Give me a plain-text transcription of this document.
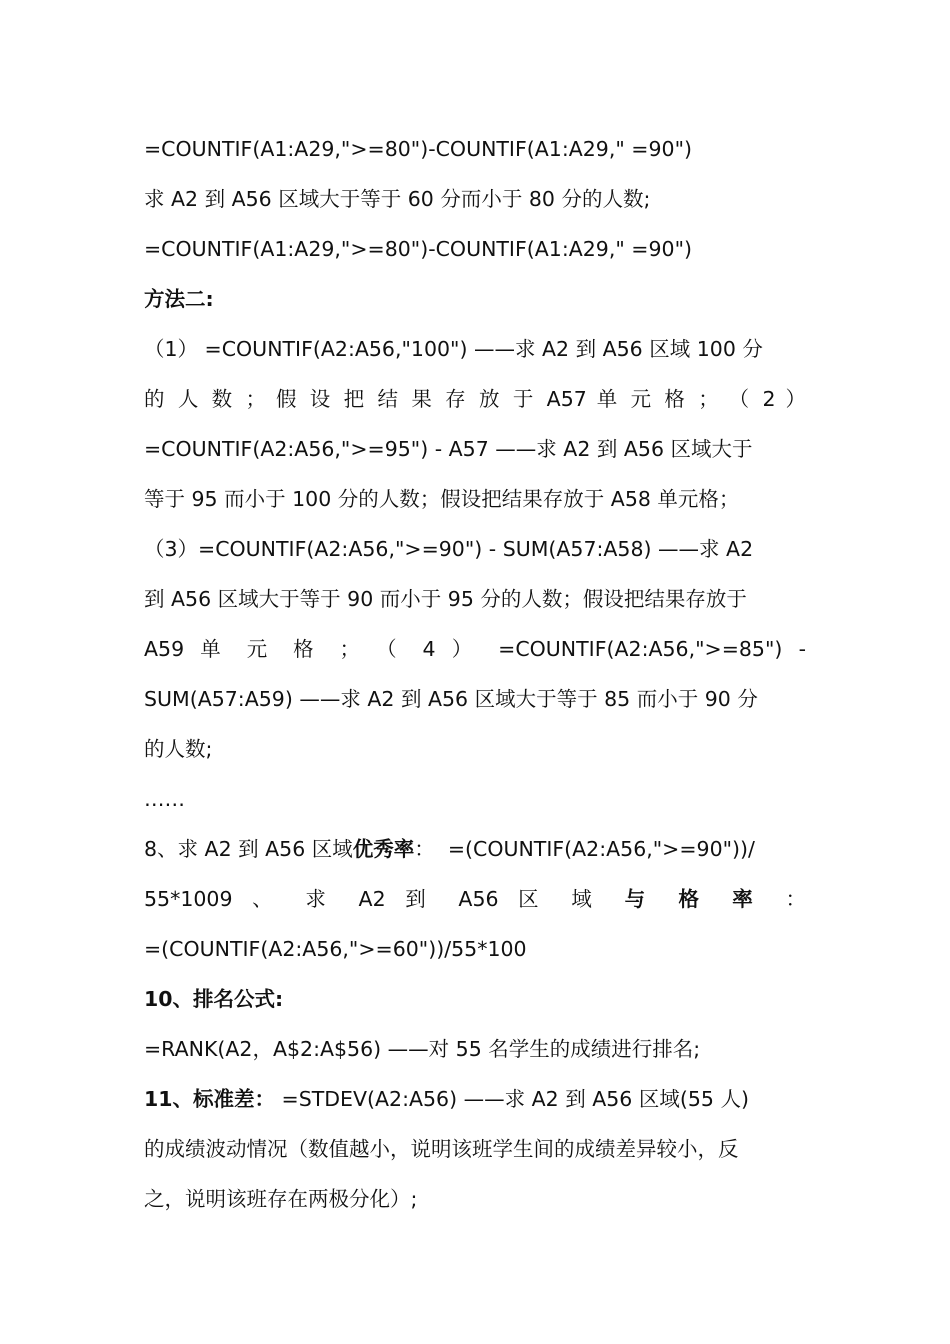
=COUNTIF(A1:A29,">=80")-COUNTIF(A1:A29," =90")
求 A2 到 A56 区域大于等于 60 分而小于 80 分的人数;
=COUNTIF(A1:A29,">=80")-COUNTIF(A1:A29," =90")
方法二:
（1） =COUNTIF(A2:A56,"100") ——求 A2 到 A56 区域 100 分
的 人 数 ； 假 设 把 结 果 存 放 于 A57 单 元 格 ； （ 2 ）
=COUNTIF(A2:A56,">=95") - A57 ——求 A2 到 A56 区域大于
等于 95 而小于 100 分的人数；假设把结果存放于 A58 单元格；
（3）=COUNTIF(A2:A56,">=90") - SUM(A57:A58) ——求 A2
到 A56 区域大于等于 90 而小于 95 分的人数；假设把结果存放于
A59 单 元 格 ； （ 4 ） =COUNTIF(A2:A56,">=85") -
SUM(A57:A59) ——求 A2 到 A56 区域大于等于 85 而小于 90 分
的人数;
……
8、求 A2 到 A56 区域优秀率：  =(COUNTIF(A2:A56,">=90"))/
55*1009 、 求 A2 到 A56 区 域 与 格 率 ：
=(COUNTIF(A2:A56,">=60"))/55*100
10、排名公式:
=RANK(A2，A$2:A$56) ——对 55 名学生的成绩进行排名;
11、标准差： =STDEV(A2:A56) ——求 A2 到 A56 区域(55 人)
的成绩波动情况（数值越小，说明该班学生间的成绩差异较小，反
之，说明该班存在两极分化）;
